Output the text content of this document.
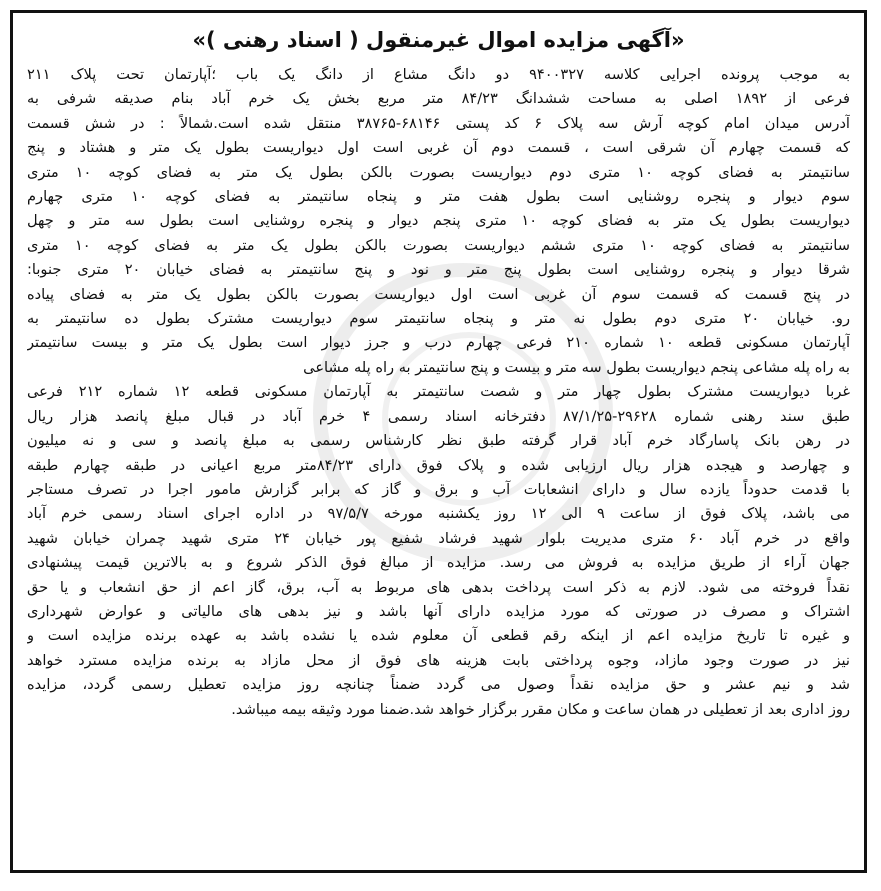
«آگهی مزایده اموال غیرمنقول ( اسناد رهنی )»
به موجب پرونده اجرایی کلاسه ۹۴۰۰۳۲۷ دو دانگ مشاع از دانگ یک باب ؛آپارتمان تحت پلاک ۲۱۱
فرعی از ۱۸۹۲ اصلی به مساحت ششدانگ ۸۴/۲۳ متر مربع بخش یک خرم آباد بنام صدیقه شرفی به
آدرس میدان امام کوچه آرش سه پلاک ۶ کد پستی ۶۸۱۴۶-۳۸۷۶۵ منتقل شده است.شمالاً : در شش قسمت
که قسمت چهارم آن شرقی است ، قسمت دوم آن غربی است اول دیواریست بطول یک متر و هشتاد و پنج
سانتیمتر به فضای کوچه ۱۰ متری دوم دیواریست بصورت بالکن بطول یک متر به فضای کوچه ۱۰ متری
سوم دیوار و پنجره روشنایی است بطول هفت متر و پنجاه سانتیمتر به فضای کوچه ۱۰ متری چهارم
دیواریست بطول یک متر به فضای کوچه ۱۰ متری پنجم دیوار و پنجره روشنایی است بطول سه متر و چهل
سانتیمتر به فضای کوچه ۱۰ متری ششم دیواریست بصورت بالکن بطول یک متر به فضای کوچه ۱۰ متری
شرقا دیوار و پنجره روشنایی است بطول پنج متر و نود و پنج سانتیمتر به فضای خیابان ۲۰ متری جنوبا:
در پنج قسمت که قسمت سوم آن غربی است اول دیواریست بصورت بالکن بطول یک متر به فضای پیاده
رو. خیابان ۲۰ متری دوم بطول نه متر و پنجاه سانتیمتر سوم دیواریست مشترک بطول ده سانتیمتر به
آپارتمان مسکونی قطعه ۱۰ شماره ۲۱۰ فرعی چهارم درب و جرز دیوار است بطول یک متر و بیست سانتیمتر
به راه پله مشاعی پنجم دیواریست بطول سه متر و بیست و پنج سانتیمتر به راه پله مشاعی
غربا دیواریست مشترک بطول چهار متر و شصت سانتیمتر به آپارتمان مسکونی قطعه ۱۲ شماره ۲۱۲ فرعی
طبق سند رهنی شماره ۲۹۶۲۸-۸۷/۱/۲۵ دفترخانه اسناد رسمی ۴ خرم آباد در قبال مبلغ پانصد هزار ریال
در رهن بانک پاسارگاد خرم آباد قرار گرفته طبق نظر کارشناس رسمی به مبلغ پانصد و سی و نه میلیون
و چهارصد و هیجده هزار ریال ارزیابی شده و پلاک فوق دارای ۸۴/۲۳متر مربع اعیانی در طبقه چهارم طبقه
با قدمت حدوداً یازده سال و دارای انشعابات آب و برق و گاز که برابر گزارش مامور اجرا در تصرف مستاجر
می باشد، پلاک فوق از ساعت ۹ الی ۱۲ روز یکشنبه مورخه ۹۷/۵/۷ در اداره اجرای اسناد رسمی خرم آباد
واقع در خرم آباد ۶۰ متری مدیریت بلوار شهید فرشاد شفیع پور خیابان ۲۴ متری شهید چمران خیابان شهید
جهان آراء از طریق مزایده به فروش می رسد. مزایده از مبالغ فوق الذکر شروع و به بالاترین قیمت پیشنهادی
نقداً فروخته می شود. لازم به ذکر است پرداخت بدهی های مربوط به آب، برق، گاز اعم از حق انشعاب و یا حق
اشتراک و مصرف در صورتی که مورد مزایده دارای آنها باشد و نیز بدهی های مالیاتی و عوارض شهرداری
و غیره تا تاریخ مزایده اعم از اینکه رقم قطعی آن معلوم شده یا نشده باشد به عهده برنده مزایده است و
نیز در صورت وجود مازاد، وجوه پرداختی بابت هزینه های فوق از محل مازاد به برنده مزایده مسترد خواهد
شد و نیم عشر و حق مزایده نقداً وصول می گردد ضمناً چنانچه روز مزایده تعطیل رسمی گردد، مزایده
روز اداری بعد از تعطیلی در همان ساعت و مکان مقرر برگزار خواهد شد.ضمنا مورد وثیقه بیمه میباشد.
